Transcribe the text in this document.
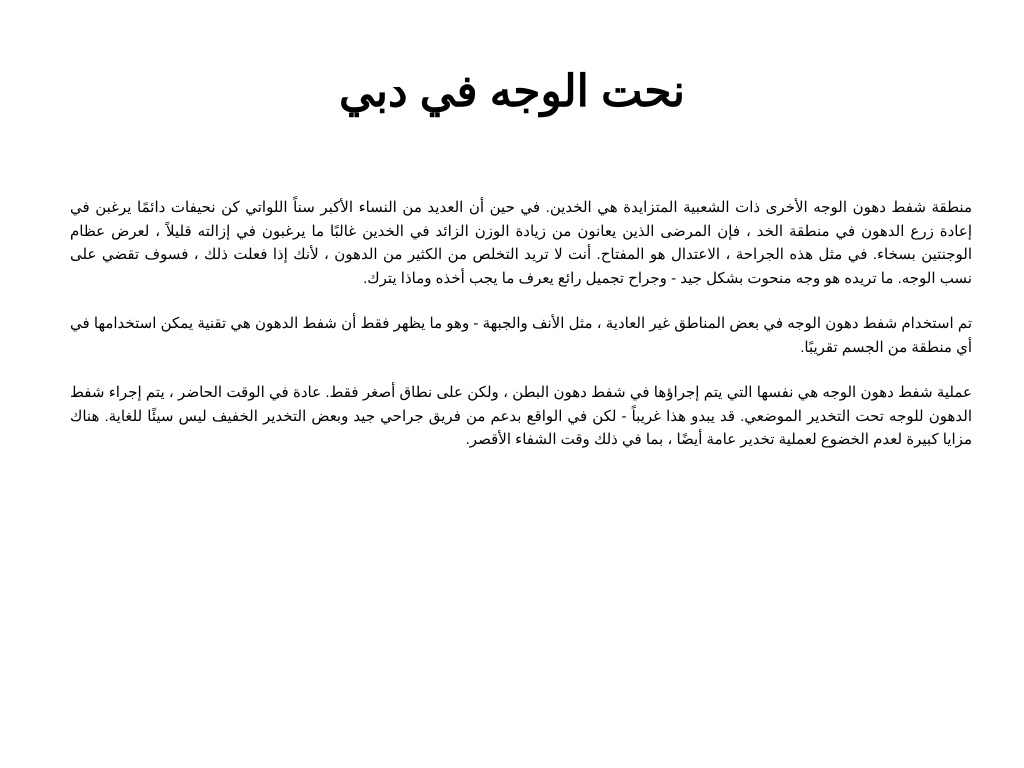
نحت الوجه في دبي

منطقة شفط دهون الوجه الأخرى ذات الشعبية المتزايدة هي الخدين. في حين أن العديد من النساء الأكبر سناً اللواتي كن نحيفات دائمًا يرغبن في إعادة زرع الدهون في منطقة الخد ، فإن المرضى الذين يعانون من زيادة الوزن الزائد في الخدين غالبًا ما يرغبون في إزالته قليلاً ، لعرض عظام الوجنتين بسخاء. في مثل هذه الجراحة ، الاعتدال هو المفتاح. أنت لا تريد التخلص من الكثير من الدهون ، لأنك إذا فعلت ذلك ، فسوف تقضي على نسب الوجه. ما تريده هو وجه منحوت بشكل جيد - وجراح تجميل رائع يعرف ما يجب أخذه وماذا يترك.

تم استخدام شفط دهون الوجه في بعض المناطق غير العادية ، مثل الأنف والجبهة - وهو ما يظهر فقط أن شفط الدهون هي تقنية يمكن استخدامها في أي منطقة من الجسم تقريبًا.

عملية شفط دهون الوجه هي نفسها التي يتم إجراؤها في شفط دهون البطن ، ولكن على نطاق أصغر فقط. عادة في الوقت الحاضر ، يتم إجراء شفط الدهون للوجه تحت التخدير الموضعي. قد يبدو هذا غريباً - لكن في الواقع بدعم من فريق جراحي جيد وبعض التخدير الخفيف ليس سيئًا للغاية. هناك مزايا كبيرة لعدم الخضوع لعملية تخدير عامة أيضًا ، بما في ذلك وقت الشفاء الأقصر.
